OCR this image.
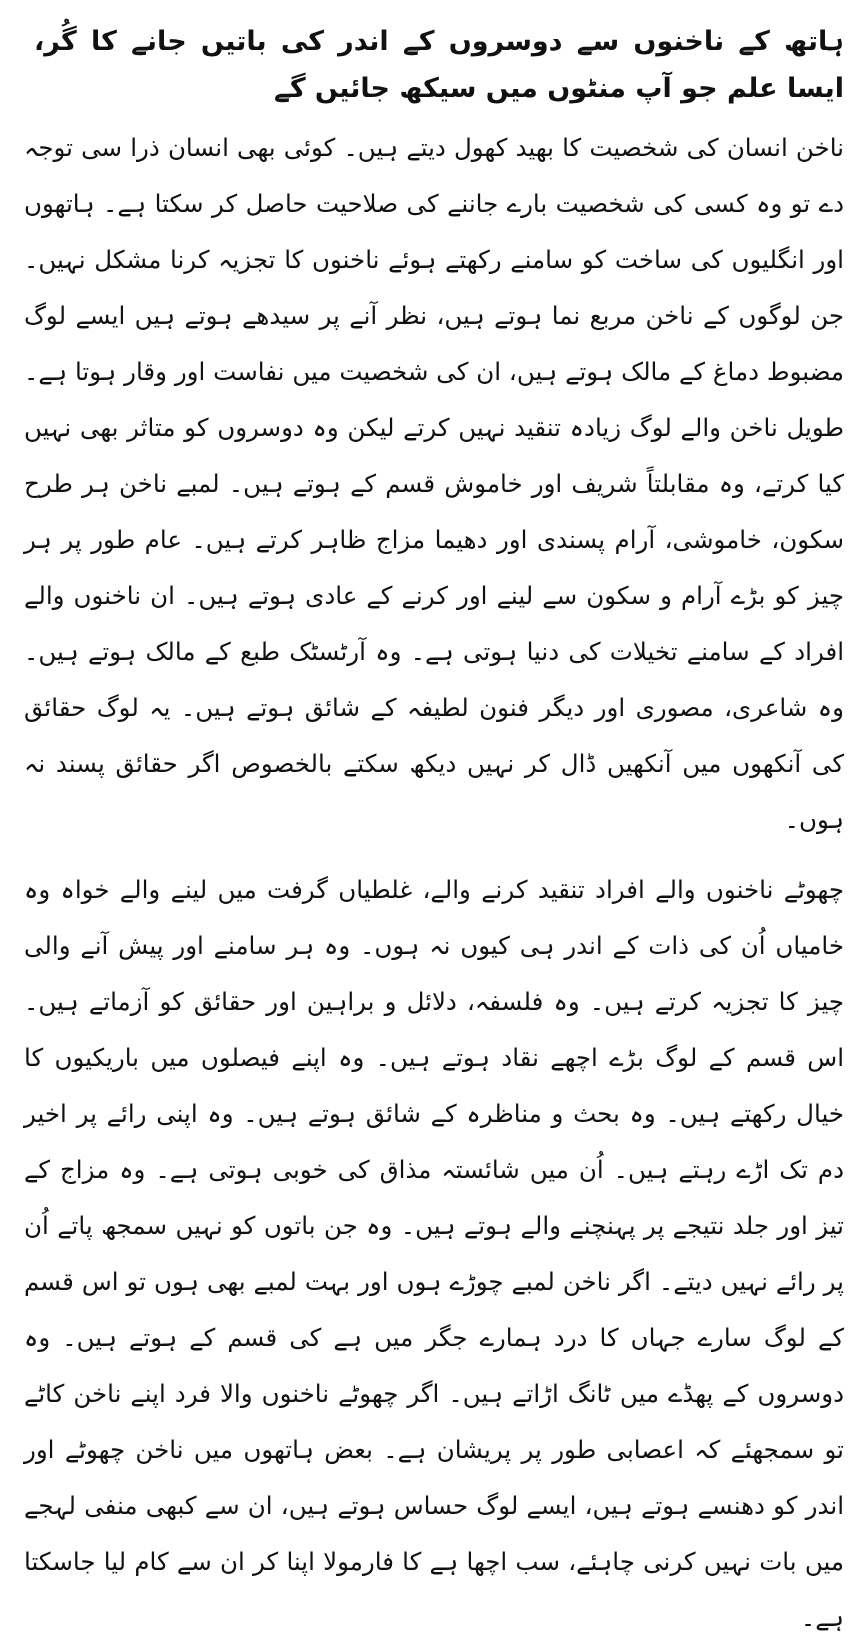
ہاتھ کے ناخنوں سے دوسروں کے اندر کی باتیں جانے کا گُر، ایسا علم جو آپ منٹوں میں سیکھ جائیں گے

ناخن انسان کی شخصیت کا بھید کھول دیتے ہیں۔ کوئی بھی انسان ذرا سی توجہ دے تو وہ کسی کی شخصیت بارے جاننے کی صلاحیت حاصل کر سکتا ہے۔ ہاتھوں اور انگلیوں کی ساخت کو سامنے رکھتے ہوئے ناخنوں کا تجزیہ کرنا مشکل نہیں۔ جن لوگوں کے ناخن مربع نما ہوتے ہیں، نظر آنے پر سیدھے ہوتے ہیں ایسے لوگ مضبوط دماغ کے مالک ہوتے ہیں، ان کی شخصیت میں نفاست اور وقار ہوتا ہے۔ طویل ناخن والے لوگ زیادہ تنقید نہیں کرتے لیکن وہ دوسروں کو متاثر بھی نہیں کیا کرتے، وہ مقابلتاً شریف اور خاموش قسم کے ہوتے ہیں۔ لمبے ناخن ہر طرح سکون، خاموشی، آرام پسندی اور دھیما مزاج ظاہر کرتے ہیں۔ عام طور پر ہر چیز کو بڑے آرام و سکون سے لینے اور کرنے کے عادی ہوتے ہیں۔ ان ناخنوں والے افراد کے سامنے تخیلات کی دنیا ہوتی ہے۔ وہ آرٹسٹک طبع کے مالک ہوتے ہیں۔ وہ شاعری، مصوری اور دیگر فنون لطیفہ کے شائق ہوتے ہیں۔ یہ لوگ حقائق کی آنکھوں میں آنکھیں ڈال کر نہیں دیکھ سکتے بالخصوص اگر حقائق پسند نہ ہوں۔

چھوٹے ناخنوں والے افراد تنقید کرنے والے، غلطیاں گرفت میں لینے والے خواہ وہ خامیاں اُن کی ذات کے اندر ہی کیوں نہ ہوں۔ وہ ہر سامنے اور پیش آنے والی چیز کا تجزیہ کرتے ہیں۔ وہ فلسفہ، دلائل و براہین اور حقائق کو آزماتے ہیں۔ اس قسم کے لوگ بڑے اچھے نقاد ہوتے ہیں۔ وہ اپنے فیصلوں میں باریکیوں کا خیال رکھتے ہیں۔ وہ بحث و مناظرہ کے شائق ہوتے ہیں۔ وہ اپنی رائے پر اخیر دم تک اڑے رہتے ہیں۔ اُن میں شائستہ مذاق کی خوبی ہوتی ہے۔ وہ مزاج کے تیز اور جلد نتیجے پر پہنچنے والے ہوتے ہیں۔ وہ جن باتوں کو نہیں سمجھ پاتے اُن پر رائے نہیں دیتے۔ اگر ناخن لمبے چوڑے ہوں اور بہت لمبے بھی ہوں تو اس قسم کے لوگ سارے جہاں کا درد ہمارے جگر میں ہے کی قسم کے ہوتے ہیں۔ وہ دوسروں کے پھڈے میں ٹانگ اڑاتے ہیں۔ اگر چھوٹے ناخنوں والا فرد اپنے ناخن کاٹے تو سمجھئے کہ اعصابی طور پر پریشان ہے۔ بعض ہاتھوں میں ناخن چھوٹے اور اندر کو دھنسے ہوتے ہیں، ایسے لوگ حساس ہوتے ہیں، ان سے کبھی منفی لہجے میں بات نہیں کرنی چاہئے، سب اچھا ہے کا فارمولا اپنا کر ان سے کام لیا جاسکتا ہے۔
